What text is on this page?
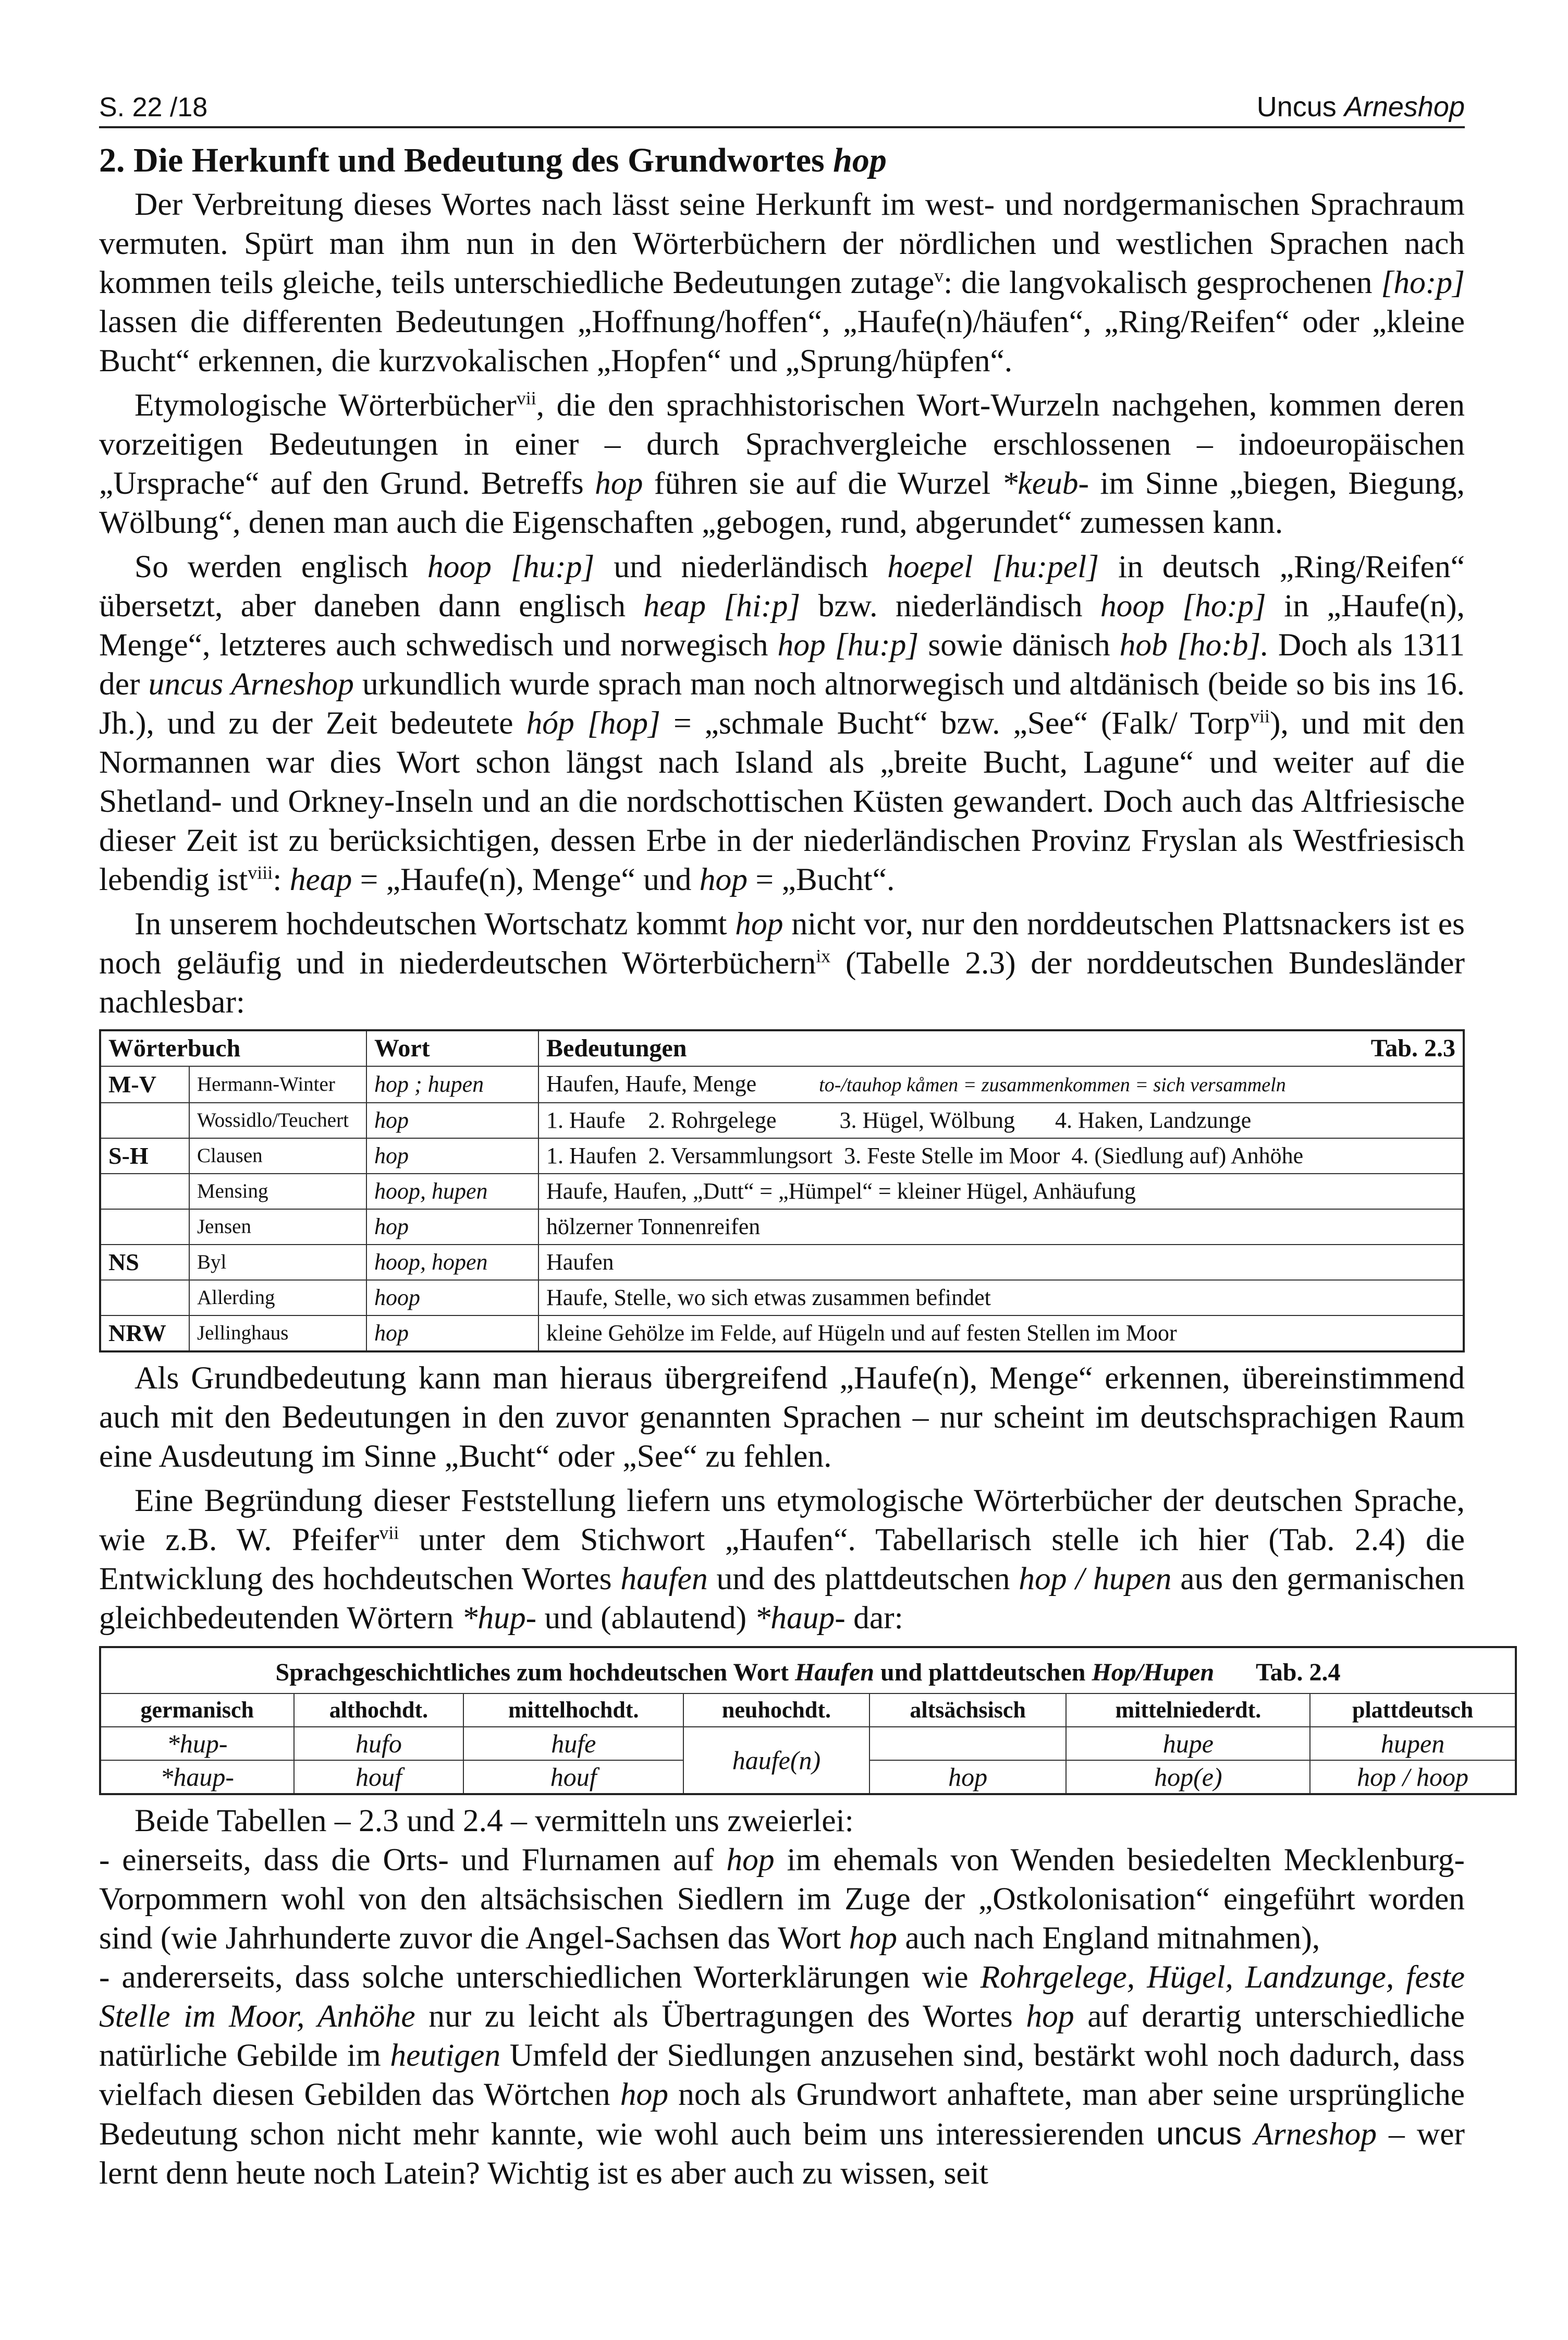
S. 22 /18	Uncus Arneshop
2. Die Herkunft und Bedeutung des Grundwortes hop

Der Verbreitung dieses Wortes nach lässt seine Herkunft im west- und nordgermanischen Sprachraum vermuten. Spürt man ihm nun in den Wörterbüchern der nördlichen und westlichen Sprachen nach kommen teils gleiche, teils unterschiedliche Bedeutungen zutage$^v$: die langvokalisch gesprochenen [ho:p] lassen die differenten Bedeutungen „Hoffnung/hoffen“, „Haufe(n)/häufen“, „Ring/Reifen“ oder „kleine Bucht“ erkennen, die kurzvokalischen „Hopfen“ und „Sprung/hüpfen“.

Etymologische Wörterbücher$^{vii}$, die den sprachhistorischen Wort-Wurzeln nachgehen, kommen deren vorzeitigen Bedeutungen in einer – durch Sprachvergleiche erschlossenen – indoeuropäischen „Ursprache“ auf den Grund. Betreffs hop führen sie auf die Wurzel *keub- im Sinne „biegen, Biegung, Wölbung“, denen man auch die Eigenschaften „gebogen, rund, abgerundet“ zumessen kann.

So werden englisch hoop [hu:p] und niederländisch hoepel [hu:pel] in deutsch „Ring/Reifen“ übersetzt, aber daneben dann englisch heap [hi:p] bzw. niederländisch hoop [ho:p] in „Haufe(n), Menge“, letzteres auch schwedisch und norwegisch hop [hu:p] sowie dänisch hob [ho:b]. Doch als 1311 der uncus Arneshop urkundlich wurde sprach man noch altnorwegisch und altdänisch (beide so bis ins 16. Jh.), und zu der Zeit bedeutete hóp [hop] = „schmale Bucht“ bzw. „See“ (Falk/ Torp$^{vii}$), und mit den Normannen war dies Wort schon längst nach Island als „breite Bucht, Lagune“ und weiter auf die Shetland- und Orkney-Inseln und an die nordschottischen Küsten gewandert. Doch auch das Altfriesische dieser Zeit ist zu berücksichtigen, dessen Erbe in der niederländischen Provinz Fryslan als Westfriesisch lebendig ist$^{viii}$: heap = „Haufe(n), Menge“ und hop = „Bucht“.

In unserem hochdeutschen Wortschatz kommt hop nicht vor, nur den norddeutschen Plattsnackers ist es noch geläufig und in niederdeutschen Wörterbüchern$^{ix}$ (Tabelle 2.3) der norddeutschen Bundesländer nachlesbar:

Wörterbuch		Wort	Bedeutungen Tab. 2.3

M-V	Hermann-Winter	hop ; hupen	Haufen, Haufe, Menge to-/tauhop kåmen = zusammenkommen = sich versammeln
	Wossidlo/Teuchert	hop	1. Haufe    2. Rohrgelege           3. Hügel, Wölbung       4. Haken, Landzunge
S-H	Clausen	hop	1. Haufen  2. Versammlungsort  3. Feste Stelle im Moor  4. (Siedlung auf) Anhöhe
	Mensing	hoop, hupen	Haufe, Haufen, „Dutt“ = „Hümpel“ = kleiner Hügel, Anhäufung
	Jensen	hop	hölzerner Tonnenreifen
NS	Byl	hoop, hopen	Haufen
	Allerding	hoop	Haufe, Stelle, wo sich etwas zusammen befindet
NRW	Jellinghaus	hop	kleine Gehölze im Felde, auf Hügeln und auf festen Stellen im Moor

Als Grundbedeutung kann man hieraus übergreifend „Haufe(n), Menge“ erkennen, übereinstimmend auch mit den Bedeutungen in den zuvor genannten Sprachen – nur scheint im deutschsprachigen Raum eine Ausdeutung im Sinne „Bucht“ oder „See“ zu fehlen.

Eine Begründung dieser Feststellung liefern uns etymologische Wörterbücher der deutschen Sprache, wie z.B. W. Pfeifer$^{vii}$ unter dem Stichwort „Haufen“. Tabellarisch stelle ich hier (Tab. 2.4) die Entwicklung des hochdeutschen Wortes haufen und des plattdeutschen hop / hupen aus den germanischen gleichbedeutenden Wörtern *hup- und (ablautend) *haup- dar:

Sprachgeschichtliches zum hochdeutschen Wort Haufen und plattdeutschen Hop/Hupen Tab. 2.4						
germanisch	althochdt.	mittelhochdt.	neuhochdt.	altsächsisch	mittelniederdt.	plattdeutsch
*hup-	hufo	hufe	haufe(n)		hupe	hupen
*haup-	houf	houf		hop	hop(e)	hop / hoop

Beide Tabellen – 2.3 und 2.4 – vermitteln uns zweierlei:

- einerseits, dass die Orts- und Flurnamen auf hop im ehemals von Wenden besiedelten Mecklenburg-Vorpommern wohl von den altsächsischen Siedlern im Zuge der „Ostkolonisation“ eingeführt worden sind (wie Jahrhunderte zuvor die Angel-Sachsen das Wort hop auch nach England mitnahmen),

- andererseits, dass solche unterschiedlichen Worterklärungen wie Rohrgelege, Hügel, Landzunge, feste Stelle im Moor, Anhöhe nur zu leicht als Übertragungen des Wortes hop auf derartig unterschiedliche natürliche Gebilde im heutigen Umfeld der Siedlungen anzusehen sind, bestärkt wohl noch dadurch, dass vielfach diesen Gebilden das Wörtchen hop noch als Grundwort anhaftete, man aber seine ursprüngliche Bedeutung schon nicht mehr kannte, wie wohl auch beim uns interessierenden uncus Arneshop – wer lernt denn heute noch Latein? Wichtig ist es aber auch zu wissen, seit
